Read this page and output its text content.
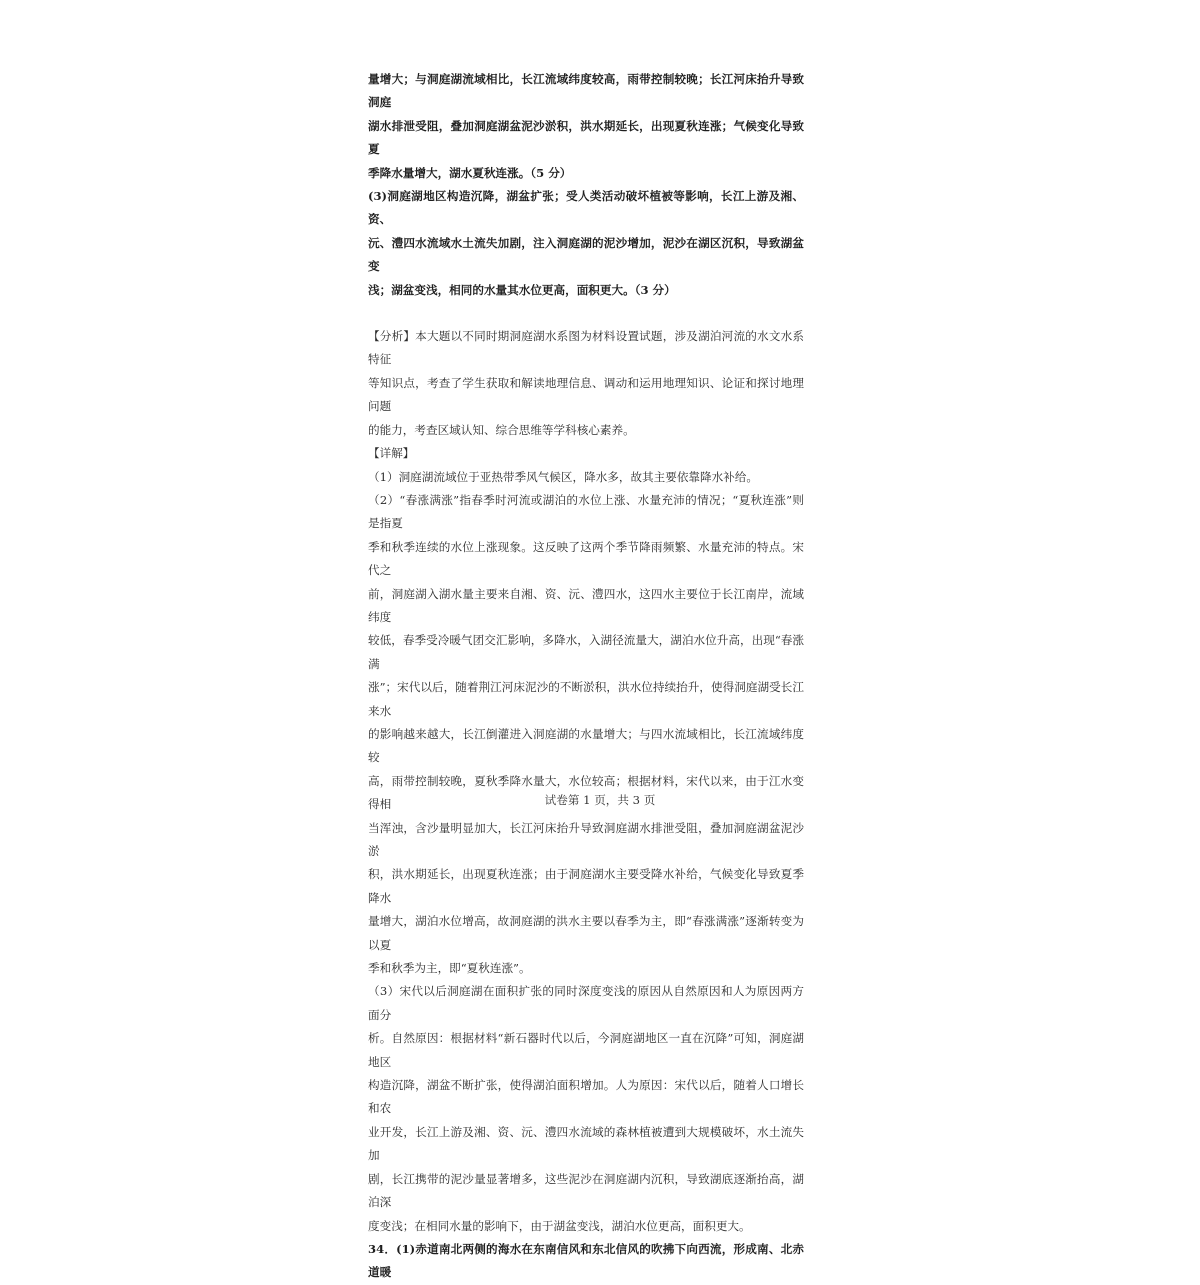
量增大；与洞庭湖流域相比，长江流域纬度较高，雨带控制较晚；长江河床抬升导致洞庭

湖水排泄受阻，叠加洞庭湖盆泥沙淤积，洪水期延长，出现夏秋连涨；气候变化导致夏

季降水量增大，湖水夏秋连涨。（5 分）

(3)洞庭湖地区构造沉降，湖盆扩张；受人类活动破坏植被等影响，长江上游及湘、资、

沅、澧四水流域水土流失加剧，注入洞庭湖的泥沙增加，泥沙在湖区沉积，导致湖盆变

浅；湖盆变浅，相同的水量其水位更高，面积更大。（3 分）

【分析】本大题以不同时期洞庭湖水系图为材料设置试题，涉及湖泊河流的水文水系特征

等知识点，考查了学生获取和解读地理信息、调动和运用地理知识、论证和探讨地理问题

的能力，考查区域认知、综合思维等学科核心素养。

【详解】

（1）洞庭湖流域位于亚热带季风气候区，降水多，故其主要依靠降水补给。

（2）“春涨满涨”指春季时河流或湖泊的水位上涨、水量充沛的情况；“夏秋连涨”则是指夏

季和秋季连续的水位上涨现象。这反映了这两个季节降雨频繁、水量充沛的特点。宋代之

前，洞庭湖入湖水量主要来自湘、资、沅、澧四水，这四水主要位于长江南岸，流域纬度

较低，春季受冷暖气团交汇影响，多降水，入湖径流量大，湖泊水位升高，出现“春涨满

涨”；宋代以后，随着荆江河床泥沙的不断淤积，洪水位持续抬升，使得洞庭湖受长江来水

的影响越来越大，长江倒灌进入洞庭湖的水量增大；与四水流域相比，长江流域纬度较

高，雨带控制较晚，夏秋季降水量大，水位较高；根据材料，宋代以来，由于江水变得相

当浑浊，含沙量明显加大，长江河床抬升导致洞庭湖水排泄受阻，叠加洞庭湖盆泥沙淤

积，洪水期延长，出现夏秋连涨；由于洞庭湖水主要受降水补给，气候变化导致夏季降水

量增大，湖泊水位增高，故洞庭湖的洪水主要以春季为主，即“春涨满涨”逐渐转变为以夏

季和秋季为主，即“夏秋连涨”。

（3）宋代以后洞庭湖在面积扩张的同时深度变浅的原因从自然原因和人为原因两方面分

析。自然原因：根据材料“新石器时代以后，今洞庭湖地区一直在沉降”可知，洞庭湖地区

构造沉降，湖盆不断扩张，使得湖泊面积增加。人为原因：宋代以后，随着人口增长和农

业开发，长江上游及湘、资、沅、澧四水流域的森林植被遭到大规模破坏，水土流失加

剧，长江携带的泥沙量显著增多，这些泥沙在洞庭湖内沉积，导致湖底逐渐抬高，湖泊深

度变浅；在相同水量的影响下，由于湖盆变浅，湖泊水位更高，面积更大。

34．(1)赤道南北两侧的海水在东南信风和东北信风的吹拂下向西流，形成南、北赤道暖

试卷第 1 页，共 3 页
